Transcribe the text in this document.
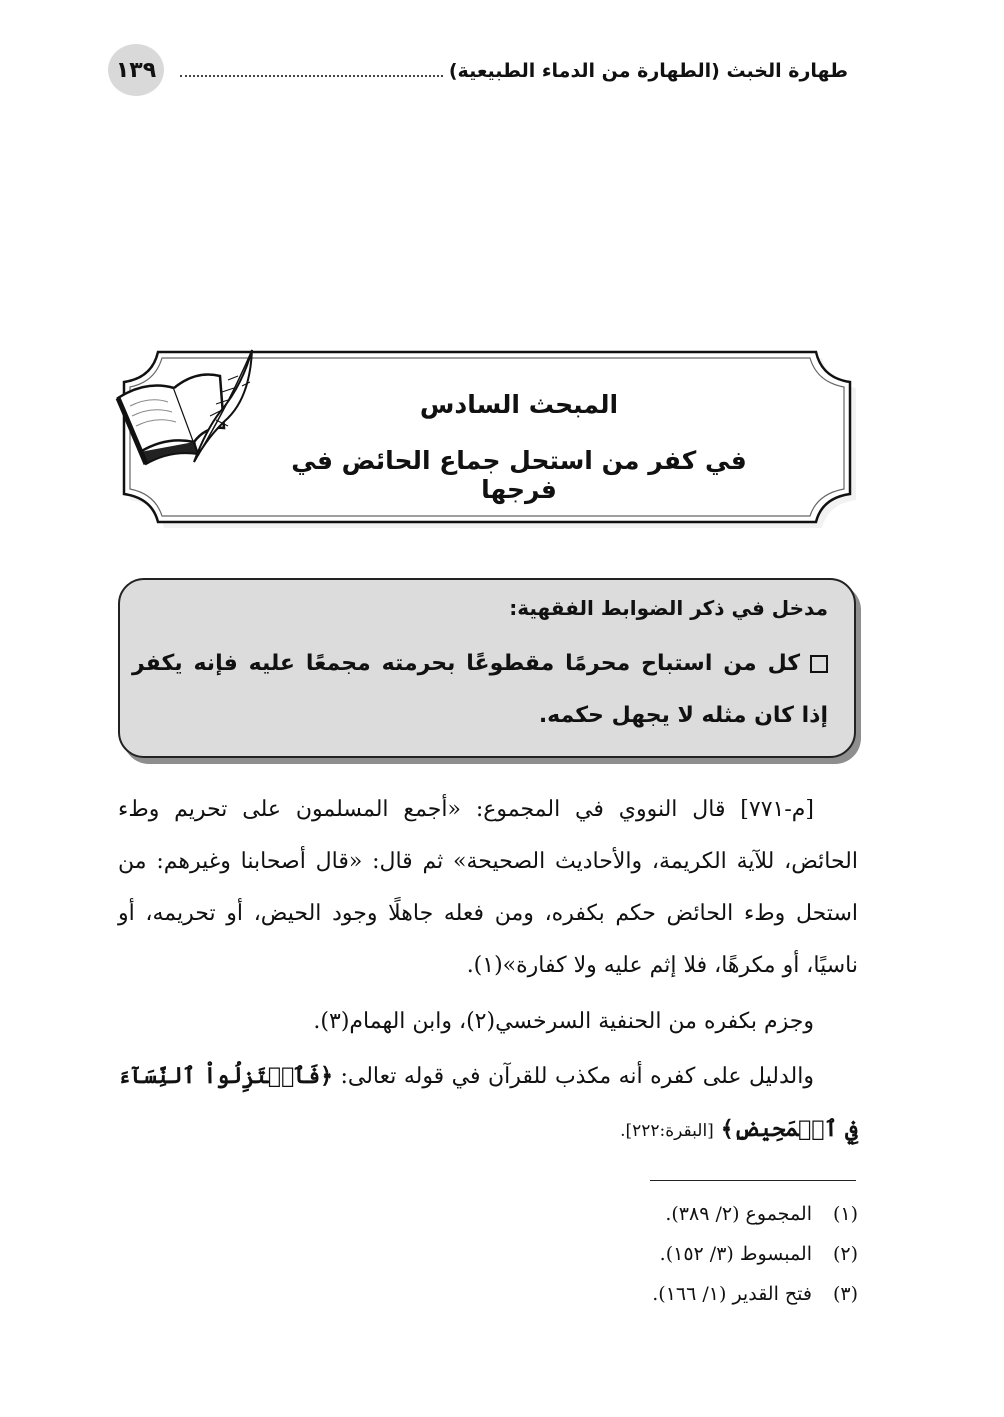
١٣٩	طهارة الخبث (الطهارة من الدماء الطبيعية)
المبحث السادس
في كفر من استحل جماع الحائض في فرجها
مدخل في ذكر الضوابط الفقهية:
كل من استباح محرمًا مقطوعًا بحرمته مجمعًا عليه فإنه يكفر إذا كان مثله لا يجهل حكمه.
[م-٧٧١] قال النووي في المجموع: «أجمع المسلمون على تحريم وطء الحائض، للآية الكريمة، والأحاديث الصحيحة» ثم قال: «قال أصحابنا وغيرهم: من استحل وطء الحائض حكم بكفره، ومن فعله جاهلًا وجود الحيض، أو تحريمه، أو ناسيًا، أو مكرهًا، فلا إثم عليه ولا كفارة»(١).
وجزم بكفره من الحنفية السرخسي(٢)، وابن الهمام(٣).
والدليل على كفره أنه مكذب للقرآن في قوله تعالى: ﴿فَٱعۡتَزِلُواْ ٱلنِّسَآءَ فِي ٱلۡمَحِيضِ﴾ [البقرة:٢٢٢].
(١)المجموع (٢/ ٣٨٩).
(٢)المبسوط (٣/ ١٥٢).
(٣)فتح القدير (١/ ١٦٦).
